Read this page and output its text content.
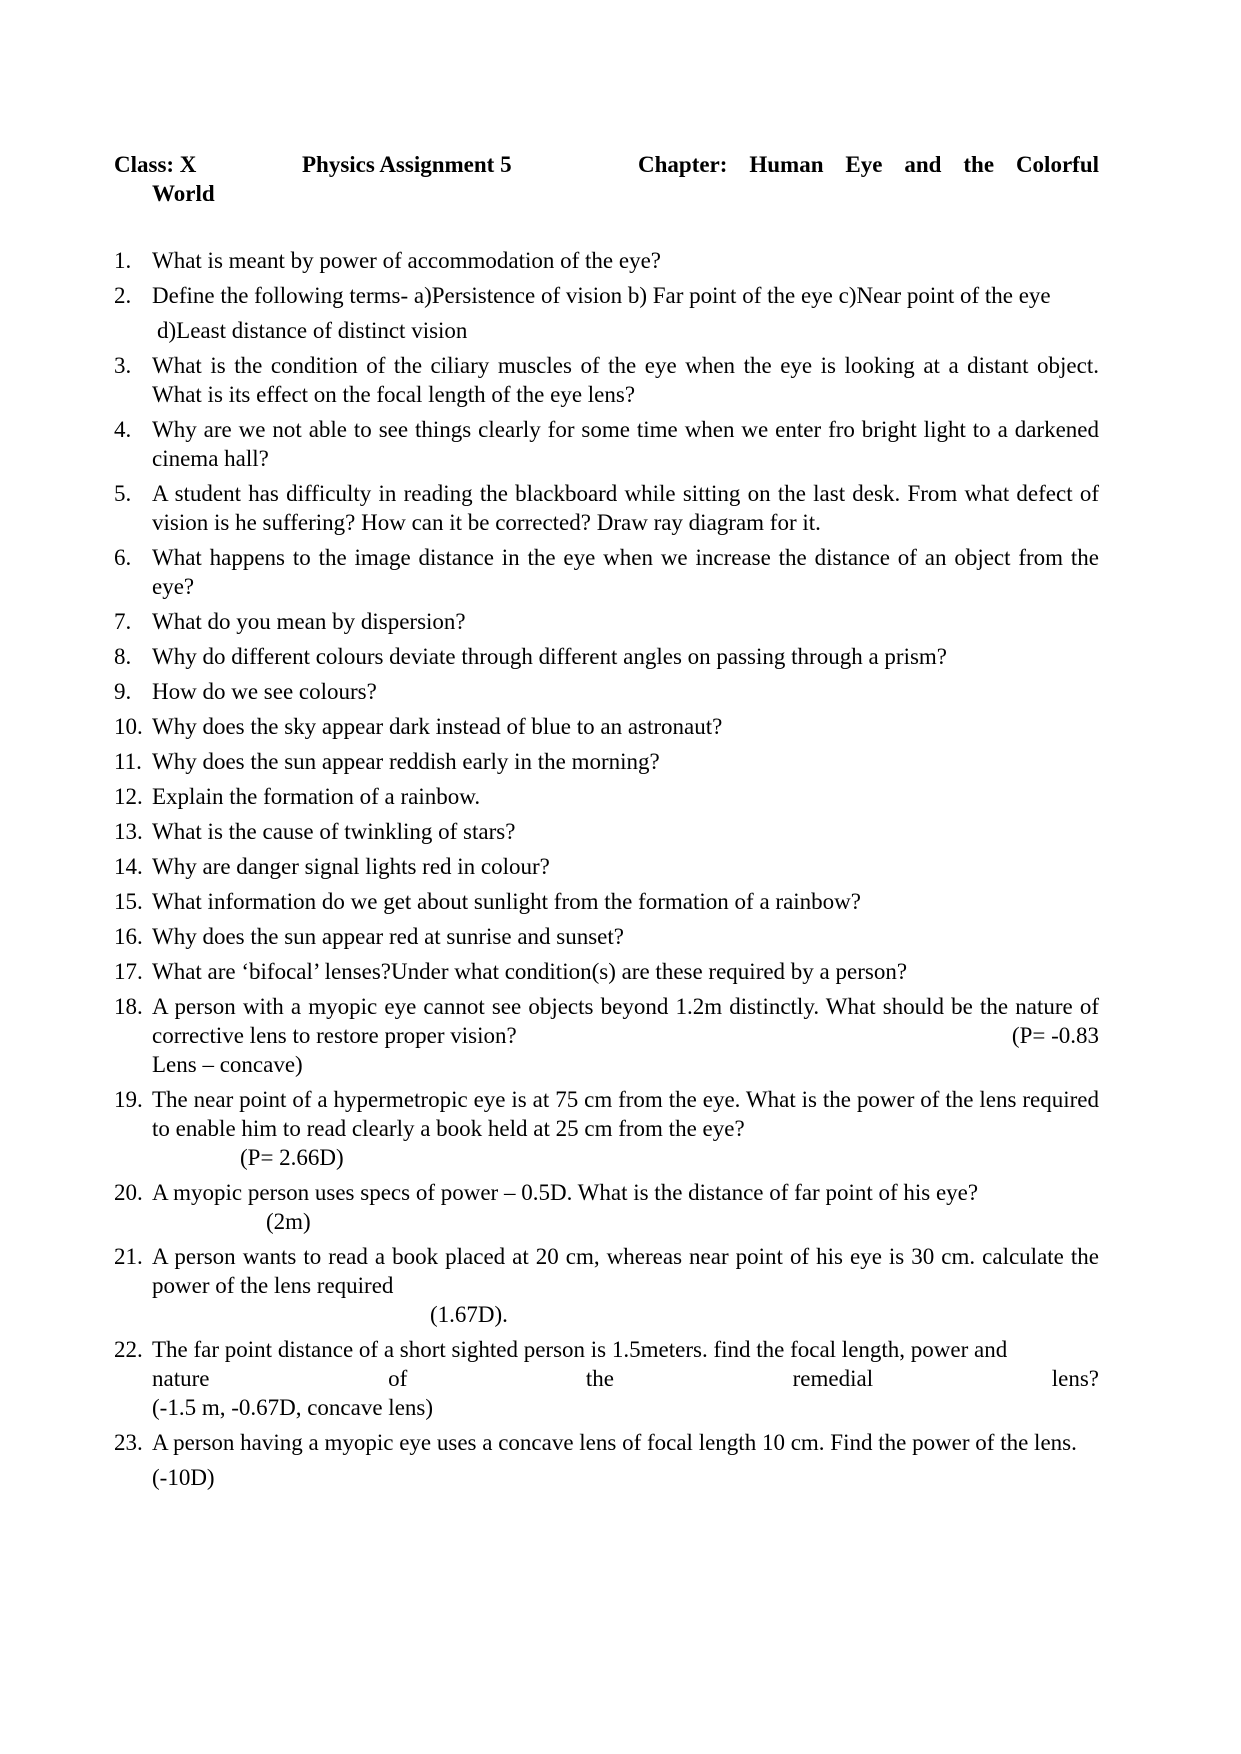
Class: X	Physics Assignment 5	Chapter: Human Eye and the Colorful
World
1. What is meant by power of accommodation of the eye?
2. Define the following terms- a)Persistence of vision b) Far point of the eye c)Near point of the eye
d)Least distance of distinct vision
3. What is the condition of the ciliary muscles of the eye when the eye is looking at a distant object. What is its effect on the focal length of the eye lens?
4. Why are we not able to see things clearly for some time when we enter fro bright light to a darkened cinema hall?
5. A student has difficulty in reading the blackboard while sitting on the last desk. From what defect of vision is he suffering? How can it be corrected? Draw ray diagram for it.
6. What happens to the image distance in the eye when we increase the distance of an object from the eye?
7. What do you mean by dispersion?
8. Why do different colours deviate through different angles on passing through a prism?
9. How do we see colours?
10. Why does the sky appear dark instead of blue to an astronaut?
11. Why does the sun appear reddish early in the morning?
12. Explain the formation of a rainbow.
13. What is the cause of twinkling of stars?
14. Why are danger signal lights red in colour?
15. What information do we get about sunlight from the formation of a rainbow?
16. Why does the sun appear red at sunrise and sunset?
17. What are ‘bifocal’ lenses?Under what condition(s) are these required by a person?
18. A person with a myopic eye cannot see objects beyond 1.2m distinctly. What should be the nature of corrective lens to restore proper vision?	(P= -0.83
Lens – concave)
19. The near point of a hypermetropic eye is at 75 cm from the eye. What is the power of the lens required to enable him to read clearly a book held at 25 cm from the eye?
(P= 2.66D)
20. A myopic person uses specs of power – 0.5D. What is the distance of far point of his eye?
(2m)
21. A person wants to read a book placed at 20 cm, whereas near point of his eye is 30 cm. calculate the power of the lens required
(1.67D).
22. The far point distance of a short sighted person is 1.5meters. find the focal length, power and
nature of the remedial lens?
(-1.5 m, -0.67D, concave lens)
23. A person having a myopic eye uses a concave lens of focal length 10 cm. Find the power of the lens.
(-10D)
